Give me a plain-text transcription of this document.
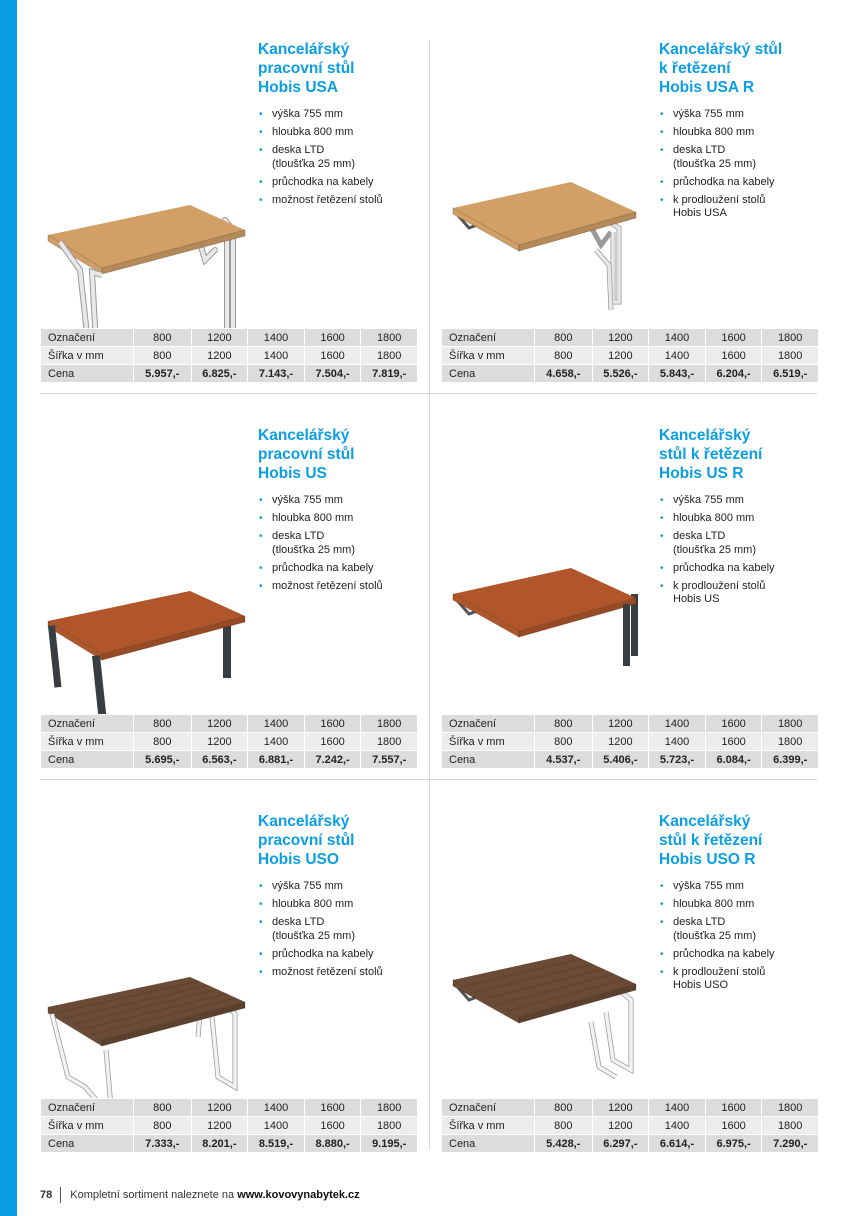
Kancelářský
pracovní stůl
Hobis USA
• výška 755 mm
• hloubka 800 mm
• deska LTD
(tloušťka 25 mm)
• průchodka na kabely
• možnost řetězení stolů
Kancelářský stůl
k řetězení
Hobis USA R
• výška 755 mm
• hloubka 800 mm
• deska LTD
(tloušťka 25 mm)
• průchodka na kabely
• k prodloužení stolů
Hobis USA
Kancelářský
pracovní stůl
Hobis US
• výška 755 mm
• hloubka 800 mm
• deska LTD
(tloušťka 25 mm)
• průchodka na kabely
• možnost řetězení stolů
Kancelářský
stůl k řetězení
Hobis US R
• výška 755 mm
• hloubka 800 mm
• deska LTD
(tloušťka 25 mm)
• průchodka na kabely
• k prodloužení stolů
Hobis US
Kancelářský
pracovní stůl
Hobis USO
• výška 755 mm
• hloubka 800 mm
• deska LTD
(tloušťka 25 mm)
• průchodka na kabely
• možnost řetězení stolů
Kancelářský
stůl k řetězení
Hobis USO R
• výška 755 mm
• hloubka 800 mm
• deska LTD
(tloušťka 25 mm)
• průchodka na kabely
• k prodloužení stolů
Hobis USO
78 Kompletní sortiment naleznete na
www.kovovynabytek.cz
Označení	800	1200	1400	1600	1800
Šířka v mm	800	1200	1400	1600	1800
Cena	5.957,-	6.825,-	7.143,-	7.504,-	7.819,-
Označení	800	1200	1400	1600	1800
Šířka v mm	800	1200	1400	1600	1800
Cena	4.658,-	5.526,-	5.843,-	6.204,-	6.519,-
Označení	800	1200	1400	1600	1800
Šířka v mm	800	1200	1400	1600	1800
Cena	5.695,-	6.563,-	6.881,-	7.242,-	7.557,-
Označení	800	1200	1400	1600	1800
Šířka v mm	800	1200	1400	1600	1800
Cena	4.537,-	5.406,-	5.723,-	6.084,-	6.399,-
Označení	800	1200	1400	1600	1800
Šířka v mm	800	1200	1400	1600	1800
Cena	7.333,-	8.201,-	8.519,-	8.880,-	9.195,-
Označení	800	1200	1400	1600	1800
Šířka v mm	800	1200	1400	1600	1800
Cena	5.428,-	6.297,-	6.614,-	6.975,-	7.290,-
